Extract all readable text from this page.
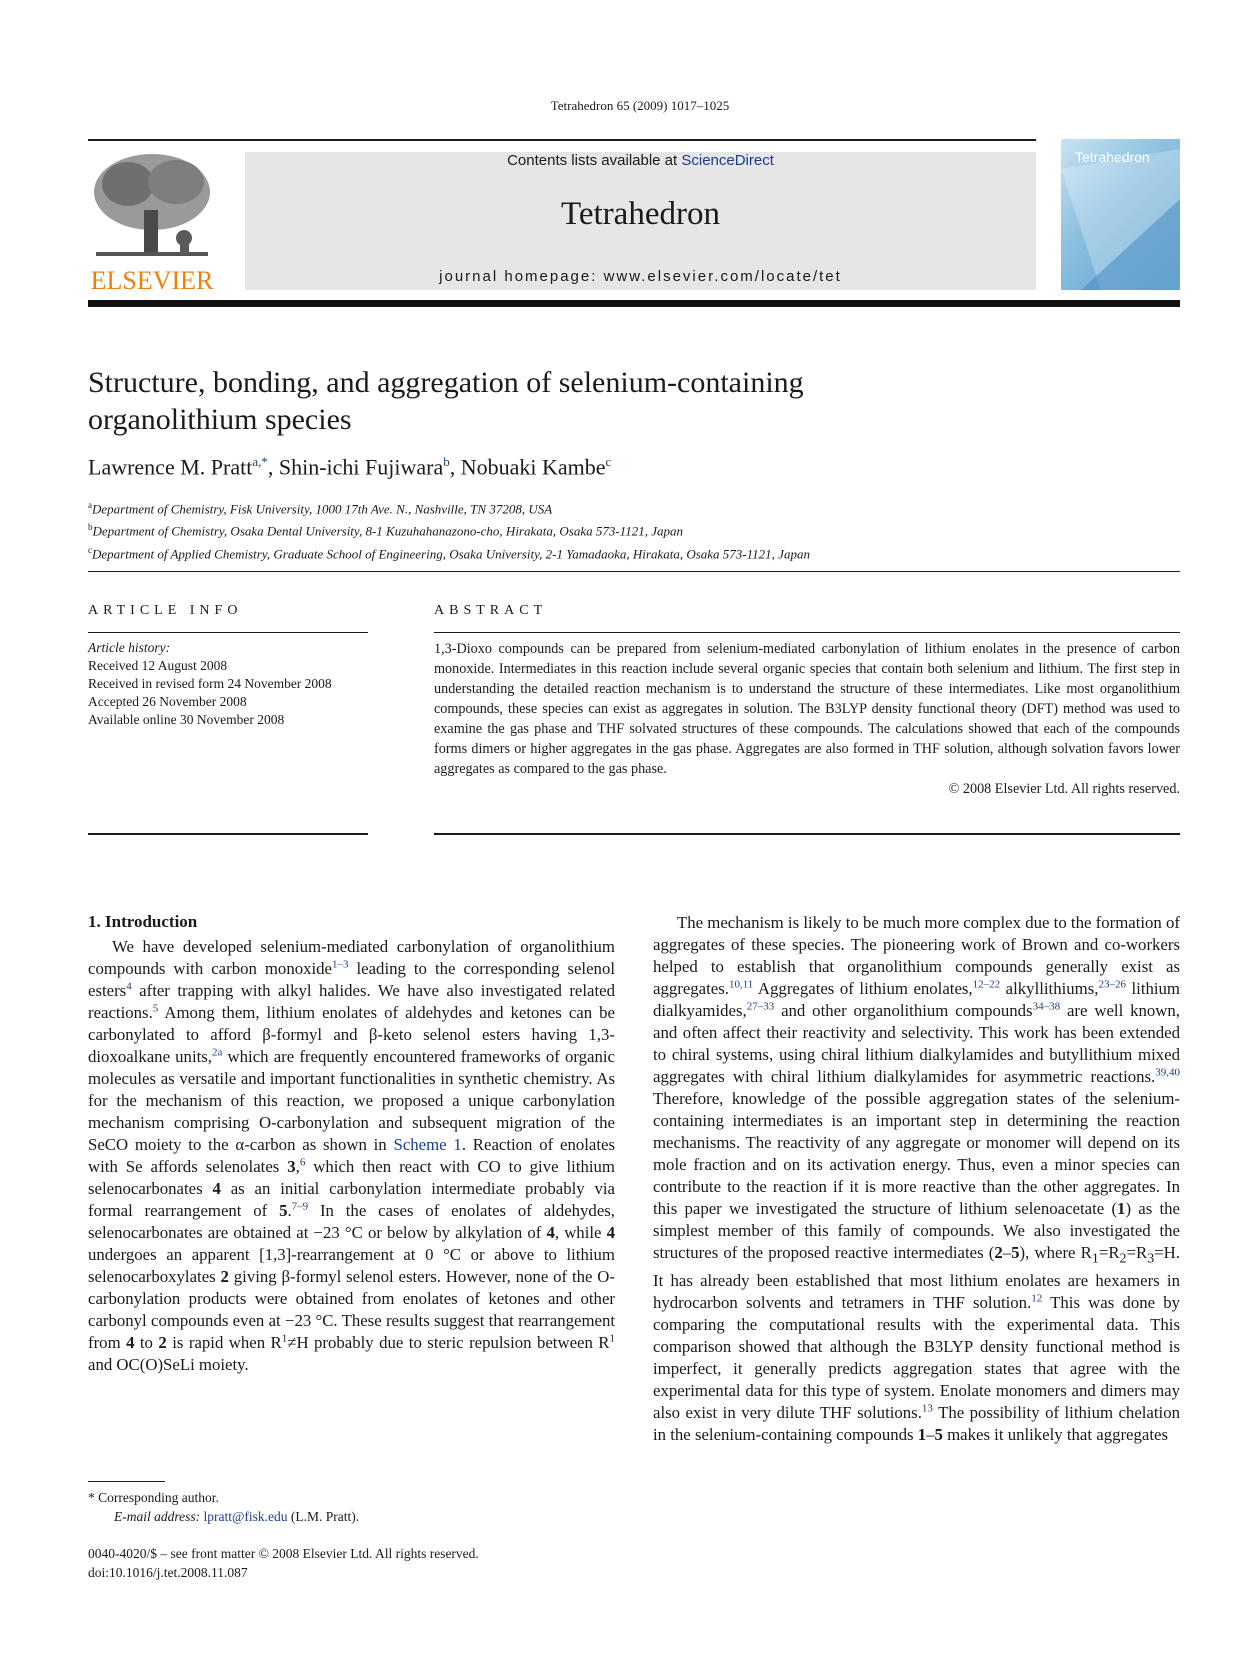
Tetrahedron 65 (2009) 1017–1025
ELSEVIER
Contents lists available at ScienceDirect
Tetrahedron
journal homepage: www.elsevier.com/locate/tet
Tetrahedron
Structure, bonding, and aggregation of selenium-containing
organolithium species
Lawrence M. Pratt$^{a,*}$, Shin-ichi Fujiwara$^b$, Nobuaki Kambe$^c$
$^a$Department of Chemistry, Fisk University, 1000 17th Ave. N., Nashville, TN 37208, USA
$^b$Department of Chemistry, Osaka Dental University, 8-1 Kuzuhahanazono-cho, Hirakata, Osaka 573-1121, Japan
$^c$Department of Applied Chemistry, Graduate School of Engineering, Osaka University, 2-1 Yamadaoka, Hirakata, Osaka 573-1121, Japan
ARTICLE INFO
Article history:
Received 12 August 2008
Received in revised form 24 November 2008
Accepted 26 November 2008
Available online 30 November 2008
ABSTRACT
1,3-Dioxo compounds can be prepared from selenium-mediated carbonylation of lithium enolates in the presence of carbon monoxide. Intermediates in this reaction include several organic species that contain both selenium and lithium. The first step in understanding the detailed reaction mechanism is to understand the structure of these intermediates. Like most organolithium compounds, these species can exist as aggregates in solution. The B3LYP density functional theory (DFT) method was used to examine the gas phase and THF solvated structures of these compounds. The calculations showed that each of the compounds forms dimers or higher aggregates in the gas phase. Aggregates are also formed in THF solution, although solvation favors lower aggregates as compared to the gas phase.
© 2008 Elsevier Ltd. All rights reserved.
1. Introduction

We have developed selenium-mediated carbonylation of organolithium compounds with carbon monoxide$^{1-3}$ leading to the corresponding selenol esters$^4$ after trapping with alkyl halides. We have also investigated related reactions.$^5$ Among them, lithium enolates of aldehydes and ketones can be carbonylated to afford β-formyl and β-keto selenol esters having 1,3-dioxoalkane units,$^{2a}$ which are frequently encountered frameworks of organic molecules as versatile and important functionalities in synthetic chemistry. As for the mechanism of this reaction, we proposed a unique carbonylation mechanism comprising O-carbonylation and subsequent migration of the SeCO moiety to the α-carbon as shown in Scheme 1. Reaction of enolates with Se affords selenolates 3,$^6$ which then react with CO to give lithium selenocarbonates 4 as an initial carbonylation intermediate probably via formal rearrangement of 5.$^{7-9}$ In the cases of enolates of aldehydes, selenocarbonates are obtained at −23 °C or below by alkylation of 4, while 4 undergoes an apparent [1,3]-rearrangement at 0 °C or above to lithium selenocarboxylates 2 giving β-formyl selenol esters. However, none of the O-carbonylation products were obtained from enolates of ketones and other carbonyl compounds even at −23 °C. These results suggest that rearrangement from 4 to 2 is rapid when $R^1\ne H$ probably due to steric repulsion between $R^1$ and OC(O)SeLi moiety.

The mechanism is likely to be much more complex due to the formation of aggregates of these species. The pioneering work of Brown and co-workers helped to establish that organolithium compounds generally exist as aggregates.$^{10,11}$ Aggregates of lithium enolates,$^{12-22}$ alkyllithiums,$^{23-26}$ lithium dialkyamides,$^{27-33}$ and other organolithium compounds$^{34-38}$ are well known, and often affect their reactivity and selectivity. This work has been extended to chiral systems, using chiral lithium dialkylamides and butyllithium mixed aggregates with chiral lithium dialkylamides for asymmetric reactions.$^{39,40}$ Therefore, knowledge of the possible aggregation states of the selenium-containing intermediates is an important step in determining the reaction mechanisms. The reactivity of any aggregate or monomer will depend on its mole fraction and on its activation energy. Thus, even a minor species can contribute to the reaction if it is more reactive than the other aggregates. In this paper we investigated the structure of lithium selenoacetate (1) as the simplest member of this family of compounds. We also investigated the structures of the proposed reactive intermediates (2–5), where $R_1=R_2=R_3=H$. It has already been established that most lithium enolates are hexamers in hydrocarbon solvents and tetramers in THF solution.$^{12}$ This was done by comparing the computational results with the experimental data. This comparison showed that although the B3LYP density functional method is imperfect, it generally predicts aggregation states that agree with the experimental data for this type of system. Enolate monomers and dimers may also exist in very dilute THF solutions.$^{13}$ The possibility of lithium chelation in the selenium-containing compounds 1–5 makes it unlikely that aggregates

* Corresponding author.
E-mail address: lpratt@fisk.edu (L.M. Pratt).
0040-4020/$ – see front matter © 2008 Elsevier Ltd. All rights reserved.
doi:10.1016/j.tet.2008.11.087
